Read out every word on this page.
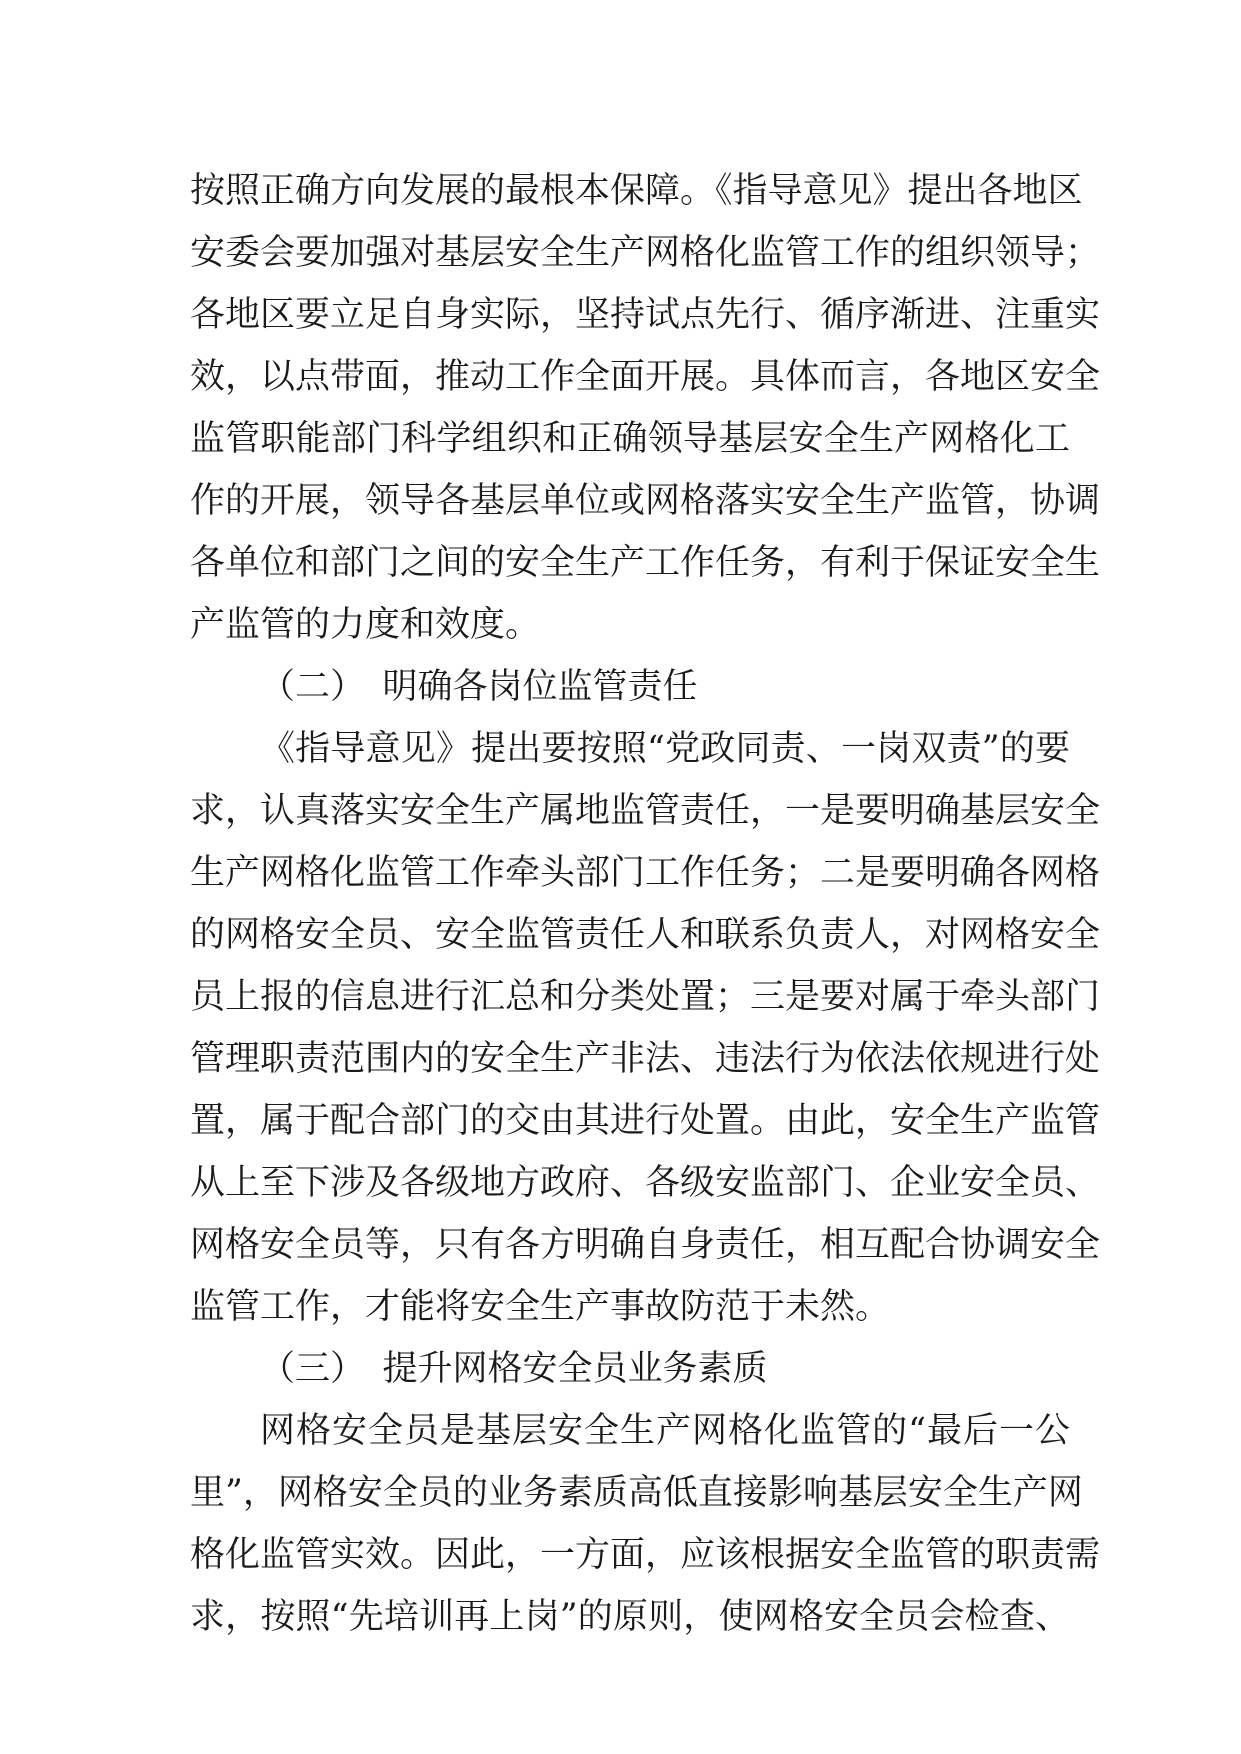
按照正确方向发展的最根本保障。《指导意见》提出各地区
安委会要加强对基层安全生产网格化监管工作的组织领导；
各地区要立足自身实际，坚持试点先行、循序渐进、注重实
效，以点带面，推动工作全面开展。具体而言，各地区安全
监管职能部门科学组织和正确领导基层安全生产网格化工
作的开展，领导各基层单位或网格落实安全生产监管，协调
各单位和部门之间的安全生产工作任务，有利于保证安全生
产监管的力度和效度。
（二）　明确各岗位监管责任
《指导意见》提出要按照“党政同责、一岗双责”的要
求，认真落实安全生产属地监管责任，一是要明确基层安全
生产网格化监管工作牵头部门工作任务；二是要明确各网格
的网格安全员、安全监管责任人和联系负责人，对网格安全
员上报的信息进行汇总和分类处置；三是要对属于牵头部门
管理职责范围内的安全生产非法、违法行为依法依规进行处
置，属于配合部门的交由其进行处置。由此，安全生产监管
从上至下涉及各级地方政府、各级安监部门、企业安全员、
网格安全员等，只有各方明确自身责任，相互配合协调安全
监管工作，才能将安全生产事故防范于未然。
（三）　提升网格安全员业务素质
网格安全员是基层安全生产网格化监管的“最后一公
里”，网格安全员的业务素质高低直接影响基层安全生产网
格化监管实效。因此，一方面，应该根据安全监管的职责需
求，按照“先培训再上岗”的原则，使网格安全员会检查、
